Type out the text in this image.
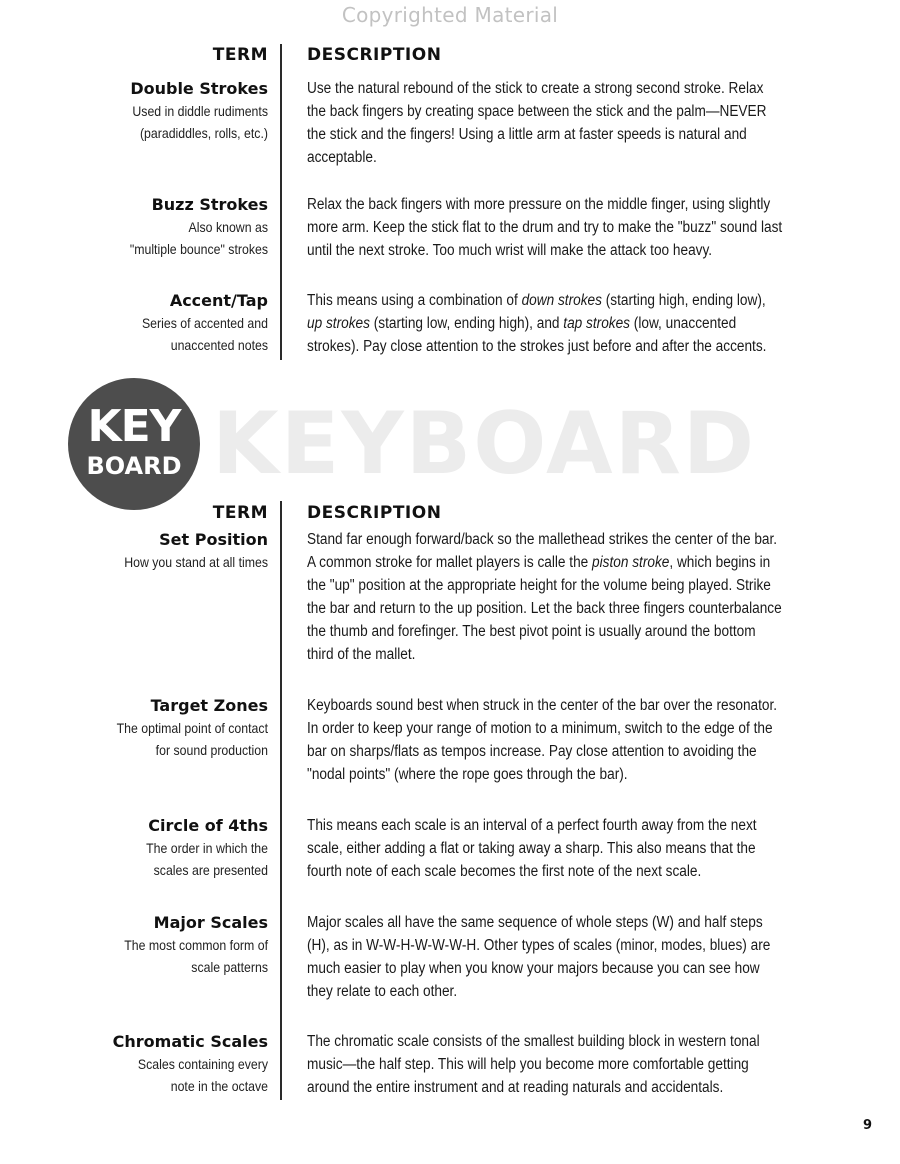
Copyrighted Material
TERM DESCRIPTION
Double Strokes
Used in diddle rudiments
(paradiddles, rolls, etc.)

Use the natural rebound of the stick to create a strong second stroke. Relax
the back fingers by creating space between the stick and the palm—NEVER
the stick and the fingers! Using a little arm at faster speeds is natural and
acceptable.

Buzz Strokes
Also known as
"multiple bounce" strokes

Relax the back fingers with more pressure on the middle finger, using slightly
more arm. Keep the stick flat to the drum and try to make the "buzz" sound last
until the next stroke. Too much wrist will make the attack too heavy.

Accent/Tap
Series of accented and
unaccented notes

This means using a combination of down strokes (starting high, ending low),
up strokes (starting low, ending high), and tap strokes (low, unaccented
strokes). Pay close attention to the strokes just before and after the accents.

KEY
BOARD KEYBOARD
TERM DESCRIPTION
Set Position
How you stand at all times

Stand far enough forward/back so the mallethead strikes the center of the bar.
A common stroke for mallet players is calle the piston stroke, which begins in
the "up" position at the appropriate height for the volume being played. Strike
the bar and return to the up position. Let the back three fingers counterbalance
the thumb and forefinger. The best pivot point is usually around the bottom
third of the mallet.

Target Zones
The optimal point of contact
for sound production

Keyboards sound best when struck in the center of the bar over the resonator.
In order to keep your range of motion to a minimum, switch to the edge of the
bar on sharps/flats as tempos increase. Pay close attention to avoiding the
"nodal points" (where the rope goes through the bar).

Circle of 4ths
The order in which the
scales are presented

This means each scale is an interval of a perfect fourth away from the next
scale, either adding a flat or taking away a sharp. This also means that the
fourth note of each scale becomes the first note of the next scale.

Major Scales
The most common form of
scale patterns

Major scales all have the same sequence of whole steps (W) and half steps
(H), as in W-W-H-W-W-W-H. Other types of scales (minor, modes, blues) are
much easier to play when you know your majors because you can see how
they relate to each other.

Chromatic Scales
Scales containing every
note in the octave

The chromatic scale consists of the smallest building block in western tonal
music—the half step. This will help you become more comfortable getting
around the entire instrument and at reading naturals and accidentals.

9
